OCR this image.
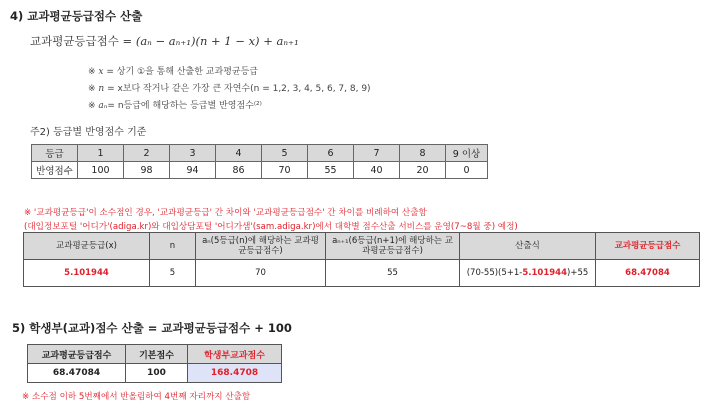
4) 교과평균등급점수 산출
교과평균등급점수 = (aₙ − aₙ₊₁)(n + 1 − x) + aₙ₊₁
※ x = 상기 ①을 통해 산출한 교과평균등급
※ n = x보다 작거나 같은 가장 큰 자연수(n = 1,2, 3, 4, 5, 6, 7, 8, 9)
※ aₙ= n등급에 해당하는 등급별 반영점수⁽²⁾
주2) 등급별 반영점수 기준
등급	1	2	3	4	5	6	7	8	9 이상
반영점수	100	98	94	86	70	55	40	20	0
※ '교과평균등급'이 소수점인 경우, '교과평균등급' 간 차이와 '교과평균등급점수' 간 차이를 비례하여 산출함
(대입정보포털 '어디가'(adiga.kr)와 대입상담포털 '어디가샘'(sam.adiga.kr)에서 대학별 점수산출 서비스를 운영(7~8월 중) 예정)
교과평균등급(x)	n	aₙ(5등급(n)에 해당하는 교과평균등급점수)	aₙ₊₁(6등급(n+1)에 해당하는 교과평균등급점수)	산출식	교과평균등급점수
5.101944	5	70	55	(70-55)(5+1-5.101944)+55	68.47084
5) 학생부(교과)점수 산출 = 교과평균등급점수 + 100
교과평균등급점수	기본점수	학생부교과점수
68.47084	100	168.4708
※ 소수점 이하 5번째에서 반올림하여 4번째 자리까지 산출함
